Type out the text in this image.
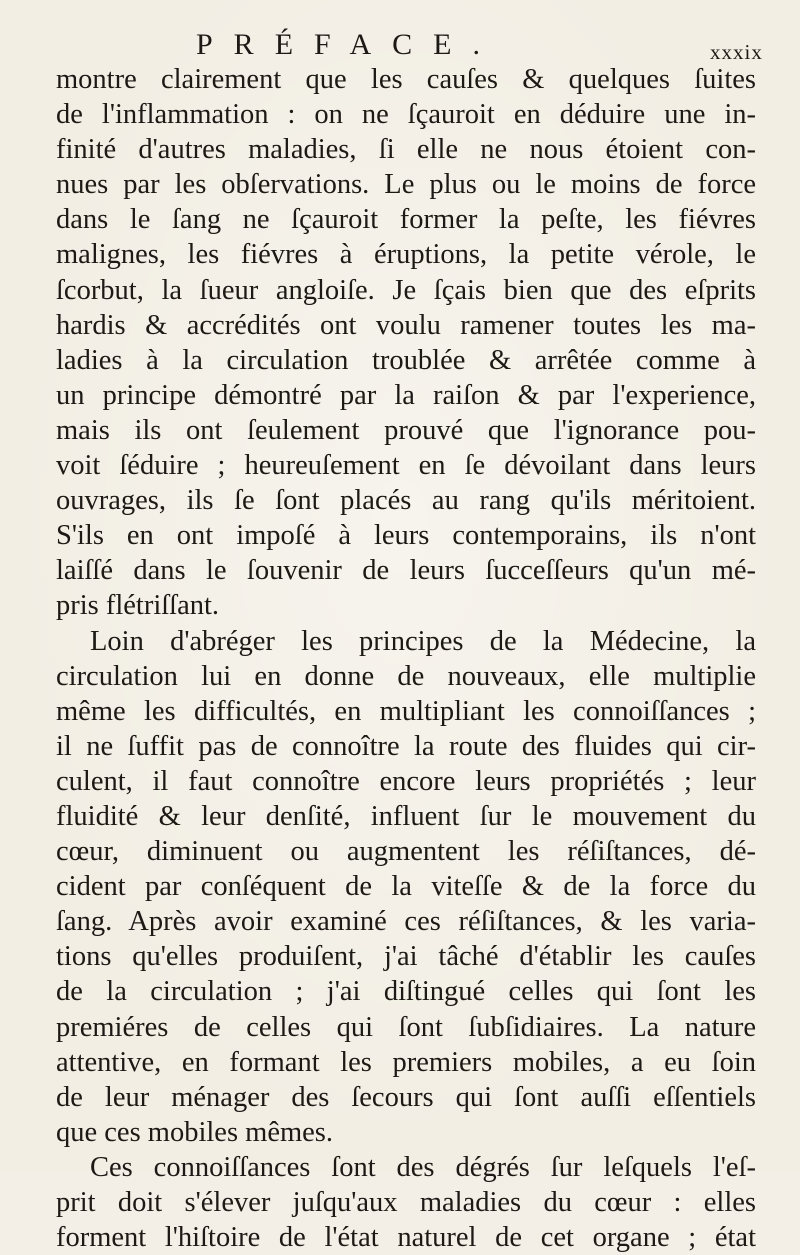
PRÉFACE.	xxxix
montre clairement que les cauſes & quelques ſuites
de l'inflammation : on ne ſçauroit en déduire une in-
finité d'autres maladies, ſi elle ne nous étoient con-
nues par les obſervations. Le plus ou le moins de force
dans le ſang ne ſçauroit former la peſte, les fiévres
malignes, les fiévres à éruptions, la petite vérole, le
ſcorbut, la ſueur angloiſe. Je ſçais bien que des eſprits
hardis & accrédités ont voulu ramener toutes les ma-
ladies à la circulation troublée & arrêtée comme à
un principe démontré par la raiſon & par l'experience,
mais ils ont ſeulement prouvé que l'ignorance pou-
voit ſéduire ; heureuſement en ſe dévoilant dans leurs
ouvrages, ils ſe ſont placés au rang qu'ils méritoient.
S'ils en ont impoſé à leurs contemporains, ils n'ont
laiſſé dans le ſouvenir de leurs ſucceſſeurs qu'un mé-
pris flétriſſant.
Loin d'abréger les principes de la Médecine, la
circulation lui en donne de nouveaux, elle multiplie
même les difficultés, en multipliant les connoiſſances ;
il ne ſuffit pas de connoître la route des fluides qui cir-
culent, il faut connoître encore leurs propriétés ; leur
fluidité & leur denſité, influent ſur le mouvement du
cœur, diminuent ou augmentent les réſiſtances, dé-
cident par conſéquent de la viteſſe & de la force du
ſang. Après avoir examiné ces réſiſtances, & les varia-
tions qu'elles produiſent, j'ai tâché d'établir les cauſes
de la circulation ; j'ai diſtingué celles qui ſont les
premiéres de celles qui ſont ſubſidiaires. La nature
attentive, en formant les premiers mobiles, a eu ſoin
de leur ménager des ſecours qui ſont auſſi eſſentiels
que ces mobiles mêmes.
Ces connoiſſances ſont des dégrés ſur leſquels l'eſ-
prit doit s'élever juſqu'aux maladies du cœur : elles
forment l'hiſtoire de l'état naturel de cet organe ; état
